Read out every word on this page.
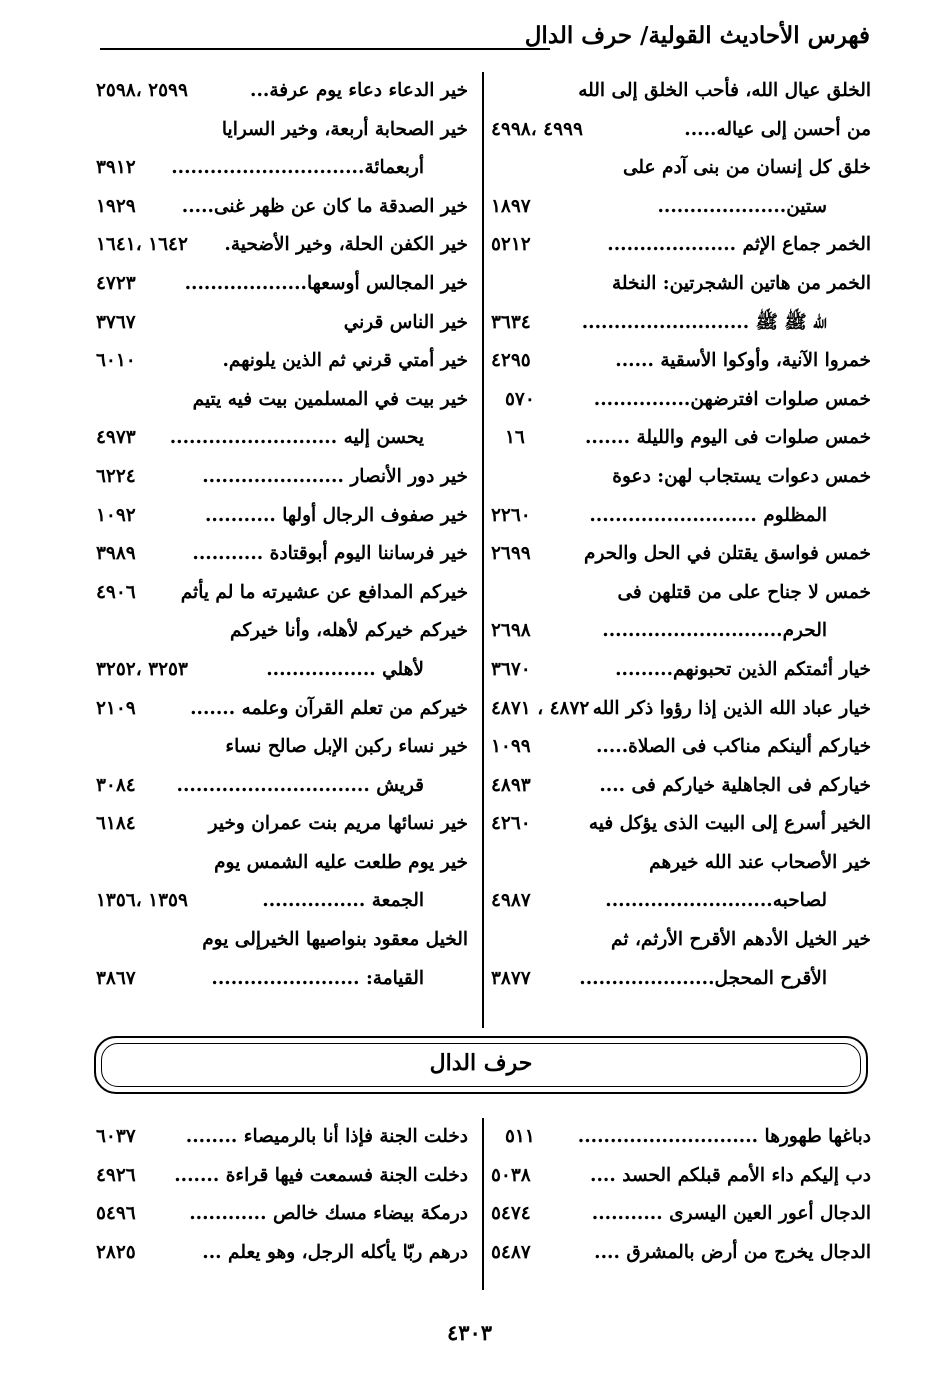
فهرس الأحاديث القولية/ حرف الدال
الخلق عيال الله، فأحب الخلق إلى الله
من أحسن إلى عياله.....
٤٩٩٩ ،٤٩٩٨
خلق كل إنسان من بنى آدم على
ستين....................
١٨٩٧
الخمر جماع الإثم ....................
٥٢١٢
الخمر من هاتين الشجرتين: النخلة
الله ﷺ ﷺ ..........................
٣٦٣٤
خمروا الآنية، وأوكوا الأسقية ......
٤٢٩٥
خمس صلوات افترضهن...............
٥٧٠
خمس صلوات فى اليوم والليلة .......
١٦
خمس دعوات يستجاب لهن: دعوة
المظلوم ..........................
٢٢٦٠
خمس فواسق يقتلن في الحل والحرم
٢٦٩٩
خمس لا جناح على من قتلهن فى
الحرم............................
٢٦٩٨
خيار أئمتكم الذين تحبونهم.........
٣٦٧٠
خيار عباد الله الذين إذا رؤوا ذكر الله
٤٨٧٢ ، ٤٨٧١
خياركم ألينكم مناكب فى الصلاة.....
١٠٩٩
خياركم فى الجاهلية خياركم فى ....
٤٨٩٣
الخير أسرع إلى البيت الذى يؤكل فيه
٤٢٦٠
خير الأصحاب عند الله خيرهم
لصاحبه..........................
٤٩٨٧
خير الخيل الأدهم الأقرح الأرثم، ثم
الأقرح المحجل.....................
٣٨٧٧
خير الدعاء دعاء يوم عرفة...
٢٥٩٩ ،٢٥٩٨
خير الصحابة أربعة، وخير السرايا
أربعمائة..............................
٣٩١٢
خير الصدقة ما كان عن ظهر غنى.....
١٩٢٩
خير الكفن الحلة، وخير الأضحية.
١٦٤٢ ،١٦٤١
خير المجالس أوسعها...................
٤٧٢٣
خير الناس قرني
٣٧٦٧
خير أمتي قرني ثم الذين يلونهم.
٦٠١٠
خير بيت في المسلمين بيت فيه يتيم
يحسن إليه ..........................
٤٩٧٣
خير دور الأنصار ......................
٦٢٢٤
خير صفوف الرجال أولها ...........
١٠٩٢
خير فرساننا اليوم أبوقتادة ...........
٣٩٨٩
خيركم المدافع عن عشيرته ما لم يأثم
٤٩٠٦
خيركم خيركم لأهله، وأنا خيركم
لأهلي .................
٣٢٥٣ ،٣٢٥٢
خيركم من تعلم القرآن وعلمه .......
٢١٠٩
خير نساء ركبن الإبل صالح نساء
قريش ..............................
٣٠٨٤
خير نسائها مريم بنت عمران وخير
٦١٨٤
خير يوم طلعت عليه الشمس يوم
الجمعة ................
١٣٥٩ ،١٣٥٦
الخيل معقود بنواصيها الخيرإلى يوم
القيامة: .......................
٣٨٦٧
حرف الدال
دباغها طهورها ............................
٥١١
دب إليكم داء الأمم قبلكم الحسد ....
٥٠٣٨
الدجال أعور العين اليسرى ...........
٥٤٧٤
الدجال يخرج من أرض بالمشرق ....
٥٤٨٧
دخلت الجنة فإذا أنا بالرميصاء ........
٦٠٣٧
دخلت الجنة فسمعت فيها قراءة .......
٤٩٢٦
درمكة بيضاء مسك خالص ............
٥٤٩٦
درهم ربّا يأكله الرجل، وهو يعلم ...
٢٨٢٥
٤٣٠٣
